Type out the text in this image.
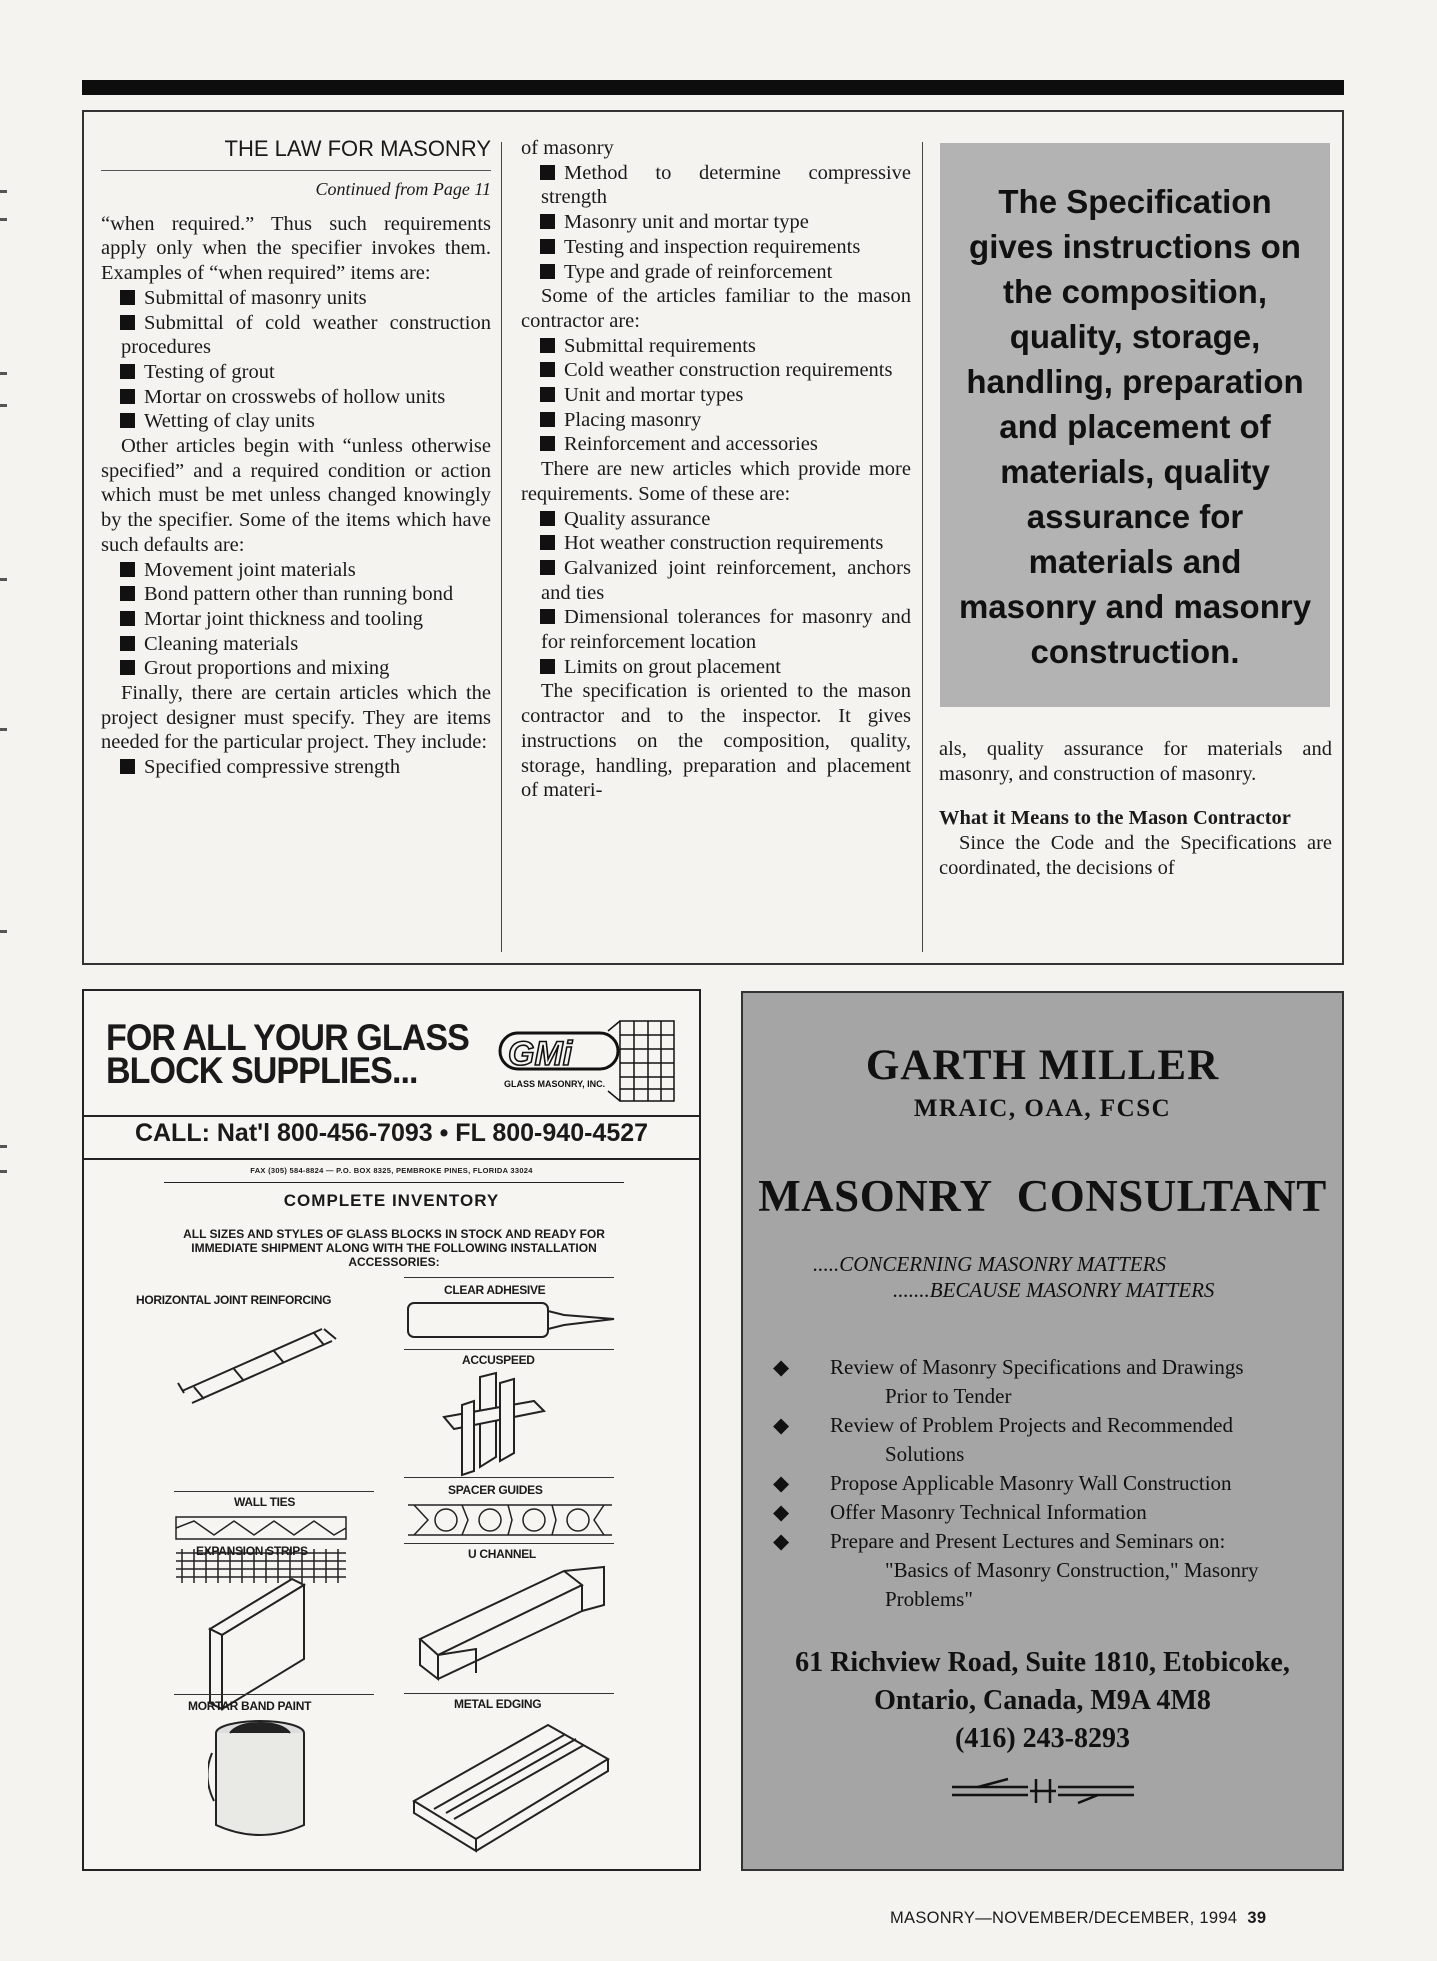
THE LAW FOR MASONRY

Continued from Page 11

“when required.” Thus such requirements apply only when the specifier invokes them. Examples of “when required” items are:

Submittal of masonry units

Submittal of cold weather construction procedures

Testing of grout

Mortar on crosswebs of hollow units

Wetting of clay units

Other articles begin with “unless otherwise specified” and a required condition or action which must be met unless changed knowingly by the specifier. Some of the items which have such defaults are:

Movement joint materials

Bond pattern other than running bond

Mortar joint thickness and tooling

Cleaning materials

Grout proportions and mixing

Finally, there are certain articles which the project designer must specify. They are items needed for the particular project. They include:

Specified compressive strength

of masonry

Method to determine compressive strength

Masonry unit and mortar type

Testing and inspection requirements

Type and grade of reinforcement

Some of the articles familiar to the mason contractor are:

Submittal requirements

Cold weather construction requirements

Unit and mortar types

Placing masonry

Reinforcement and accessories

There are new articles which provide more requirements. Some of these are:

Quality assurance

Hot weather construction requirements

Galvanized joint reinforcement, anchors and ties

Dimensional tolerances for masonry and for reinforcement location

Limits on grout placement

The specification is oriented to the mason contractor and to the inspector. It gives instructions on the composition, quality, storage, handling, preparation and placement of materi-

The Specification gives instructions on the composition, quality, storage, handling, preparation and placement of materials, quality assurance for materials and masonry and masonry construction.

als, quality assurance for materials and masonry, and construction of masonry.

What it Means to the Mason Contractor

Since the Code and the Specifications are coordinated, the decisions of

FOR ALL YOUR GLASS
BLOCK SUPPLIES...	GMi
GLASS MASONRY, INC.
CALL: Nat'l 800-456-7093 • FL 800-940-4527
FAX (305) 584-8824 — P.O. BOX 8325, PEMBROKE PINES, FLORIDA 33024
COMPLETE INVENTORY
ALL SIZES AND STYLES OF GLASS BLOCKS IN STOCK AND READY FOR IMMEDIATE SHIPMENT ALONG WITH THE FOLLOWING INSTALLATION ACCESSORIES:
HORIZONTAL JOINT REINFORCING
CLEAR ADHESIVE
ACCUSPEED
WALL TIES
SPACER GUIDES
EXPANSION STRIPS	U CHANNEL
MORTAR BAND PAINT	METAL EDGING
GARTH MILLER
MRAIC, OAA, FCSC
MASONRY CONSULTANT
.....CONCERNING MASONRY MATTERS
.......BECAUSE MASONRY MATTERS
◆ Review of Masonry Specifications and Drawings
Prior to Tender
◆ Review of Problem Projects and Recommended
Solutions
◆ Propose Applicable Masonry Wall Construction
◆ Offer Masonry Technical Information
◆ Prepare and Present Lectures and Seminars on:
"Basics of Masonry Construction," Masonry Problems"
61 Richview Road, Suite 1810, Etobicoke,
Ontario, Canada, M9A 4M8
(416) 243-8293
MASONRY—NOVEMBER/DECEMBER, 1994 39
